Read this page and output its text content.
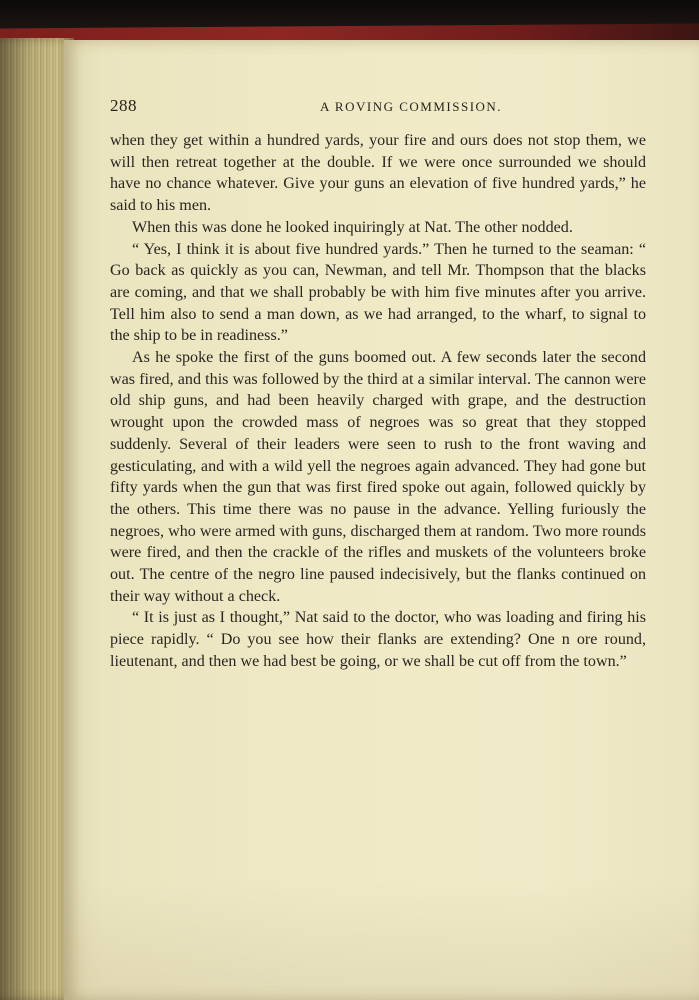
288	A ROVING COMMISSION.

when they get within a hundred yards, your fire and ours does not stop them, we will then retreat together at the double. If we were once surrounded we should have no chance whatever. Give your guns an elevation of five hundred yards,” he said to his men.

When this was done he looked inquiringly at Nat. The other nodded.

“ Yes, I think it is about five hundred yards.” Then he turned to the seaman: “ Go back as quickly as you can, Newman, and tell Mr. Thompson that the blacks are coming, and that we shall probably be with him five minutes after you arrive. Tell him also to send a man down, as we had arranged, to the wharf, to signal to the ship to be in readiness.”

As he spoke the first of the guns boomed out. A few seconds later the second was fired, and this was followed by the third at a similar interval. The cannon were old ship guns, and had been heavily charged with grape, and the destruction wrought upon the crowded mass of negroes was so great that they stopped suddenly. Several of their leaders were seen to rush to the front waving and gesticulating, and with a wild yell the negroes again advanced. They had gone but fifty yards when the gun that was first fired spoke out again, followed quickly by the others. This time there was no pause in the advance. Yelling furiously the negroes, who were armed with guns, discharged them at random. Two more rounds were fired, and then the crackle of the rifles and muskets of the volunteers broke out. The centre of the negro line paused indecisively, but the flanks continued on their way without a check.

“ It is just as I thought,” Nat said to the doctor, who was loading and firing his piece rapidly. “ Do you see how their flanks are extending? One n ore round, lieutenant, and then we had best be going, or we shall be cut off from the town.”
